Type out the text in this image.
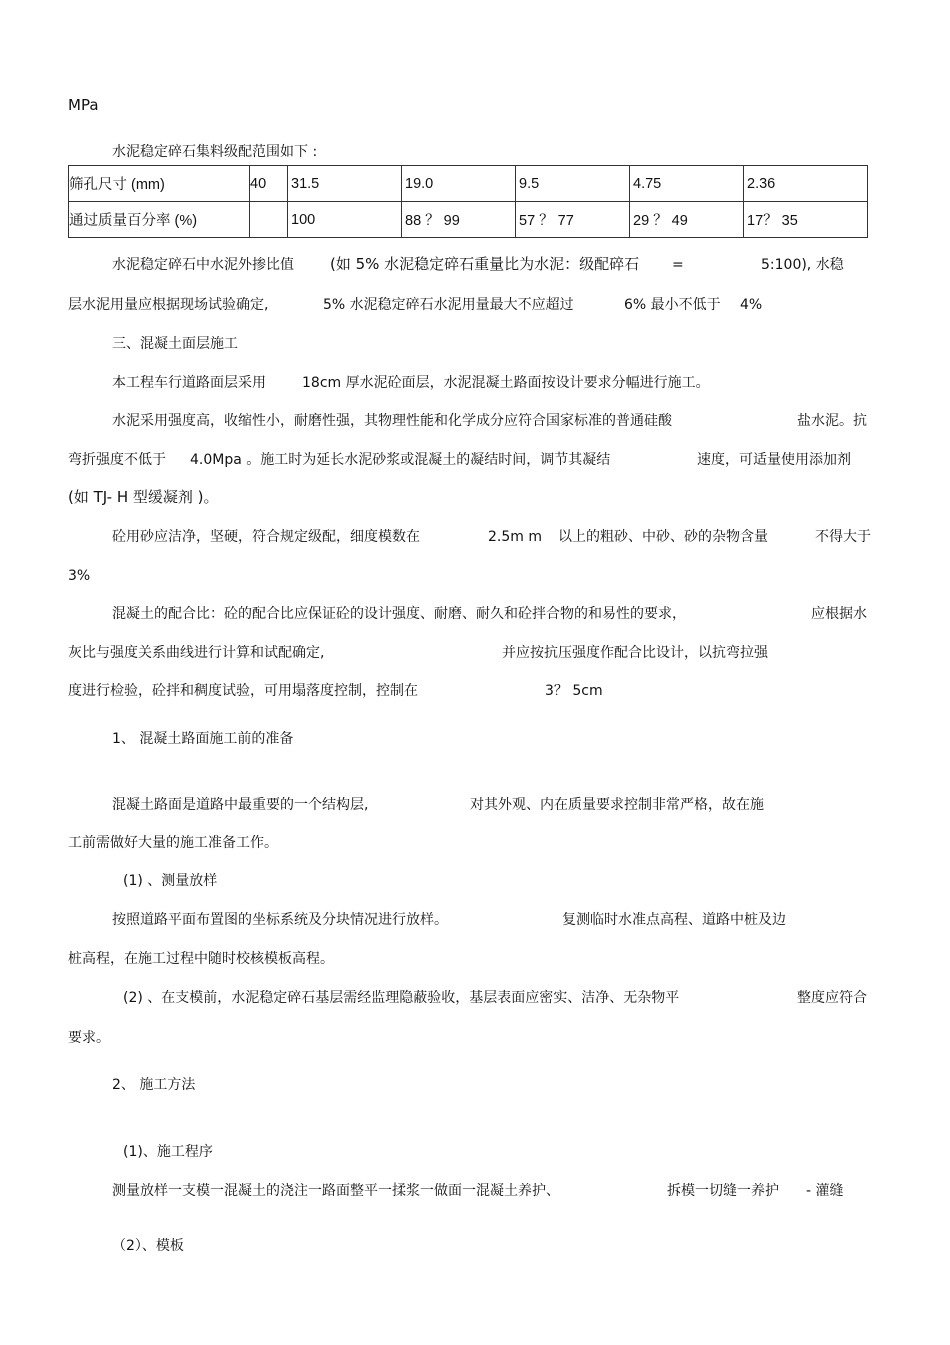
MPa
水泥稳定碎石集料级配范围如下 :
筛孔尺寸 (mm)	40	31.5	19.0	9.5	4.75	2.36
通过质量百分率 (%)		100	88 ？ 99	57 ？ 77	29 ？ 49	17？ 35
水泥稳定碎石中水泥外掺比值 (如 5% 水泥稳定碎石重量比为水泥：级配碎石 =	5:100), 水稳
层水泥用量应根据现场试验确定,	5% 水泥稳定碎石水泥用量最大不应超过	6% 最小不低于 4%
三、混凝土面层施工
本工程车行道路面层采用	18cm 厚水泥砼面层，水泥混凝土路面按设计要求分幅进行施工。
水泥采用强度高，收缩性小，耐磨性强，其物理性能和化学成分应符合国家标准的普通硅酸	盐水泥。抗
弯折强度不低于 4.0Mpa 。施工时为延长水泥砂浆或混凝土的凝结时间，调节其凝结	速度，可适量使用添加剂
(如 TJ- H 型缓凝剂 )。
砼用砂应洁净，坚硬，符合规定级配，细度模数在	2.5m m 以上的粗砂、中砂、砂的杂物含量	不得大于
3%
混凝土的配合比：砼的配合比应保证砼的设计强度、耐磨、耐久和砼拌合物的和易性的要求，	应根据水
灰比与强度关系曲线进行计算和试配确定,	并应按抗压强度作配合比设计，以抗弯拉强
度进行检验，砼拌和稠度试验，可用塌落度控制，控制在	3？ 5cm
1、 混凝土路面施工前的准备
混凝土路面是道路中最重要的一个结构层,	对其外观、内在质量要求控制非常严格，故在施
工前需做好大量的施工准备工作。
(1) 、测量放样
按照道路平面布置图的坐标系统及分块情况进行放样。	复测临时水准点高程、道路中桩及边
桩高程，在施工过程中随时校核模板高程。
(2) 、在支模前，水泥稳定碎石基层需经监理隐蔽验收，基层表面应密实、洁净、无杂物平	整度应符合
要求。
2、 施工方法
(1)、施工程序
测量放样一支模一混凝土的浇注一路面整平一揉浆一做面一混凝土养护、	拆模一切缝一养护 - 灌缝
（2）、模板
